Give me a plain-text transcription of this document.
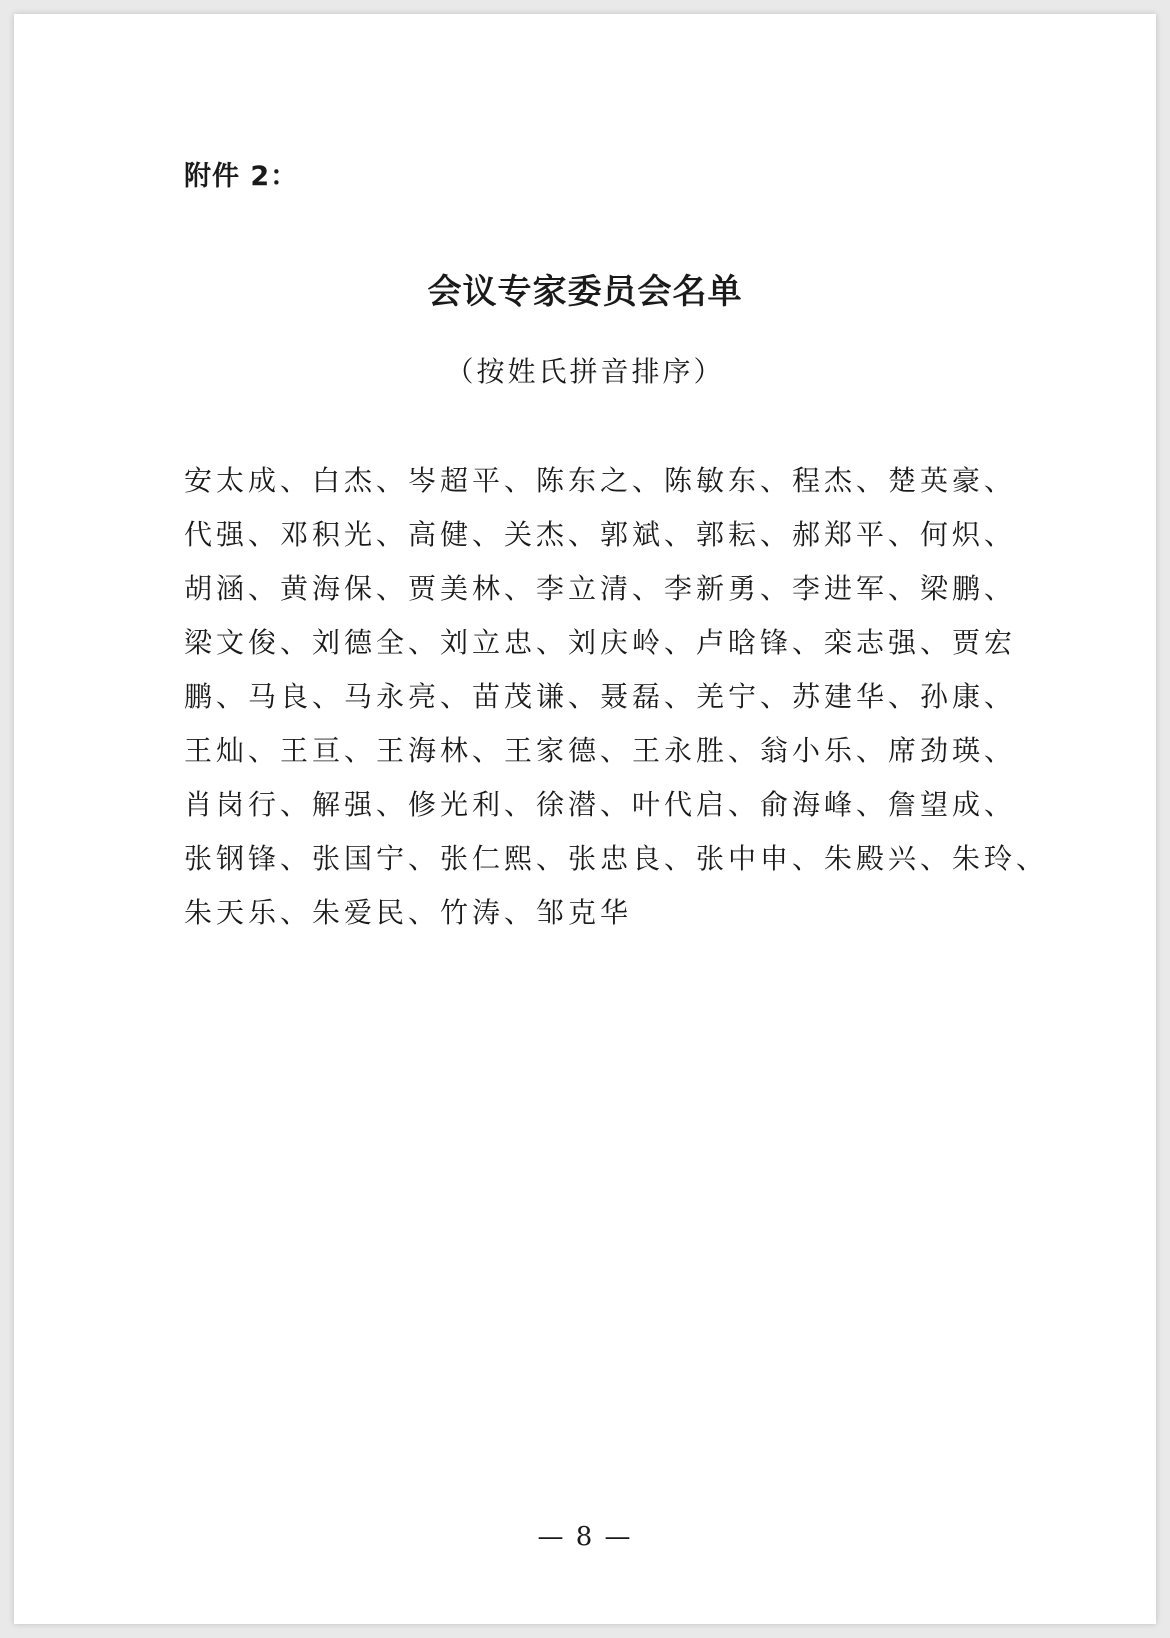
附件 2：
会议专家委员会名单
（按姓氏拼音排序）
安太成、白杰、岑超平、陈东之、陈敏东、程杰、楚英豪、
代强、邓积光、高健、关杰、郭斌、郭耘、郝郑平、何炽、
胡涵、黄海保、贾美林、李立清、李新勇、李进军、梁鹏、
梁文俊、刘德全、刘立忠、刘庆岭、卢晗锋、栾志强、贾宏
鹏、马良、马永亮、苗茂谦、聂磊、羌宁、苏建华、孙康、
王灿、王亘、王海林、王家德、王永胜、翁小乐、席劲瑛、
肖岗行、解强、修光利、徐潜、叶代启、俞海峰、詹望成、
张钢锋、张国宁、张仁熙、张忠良、张中申、朱殿兴、朱玲、
朱天乐、朱爱民、竹涛、邹克华
— 8 —
